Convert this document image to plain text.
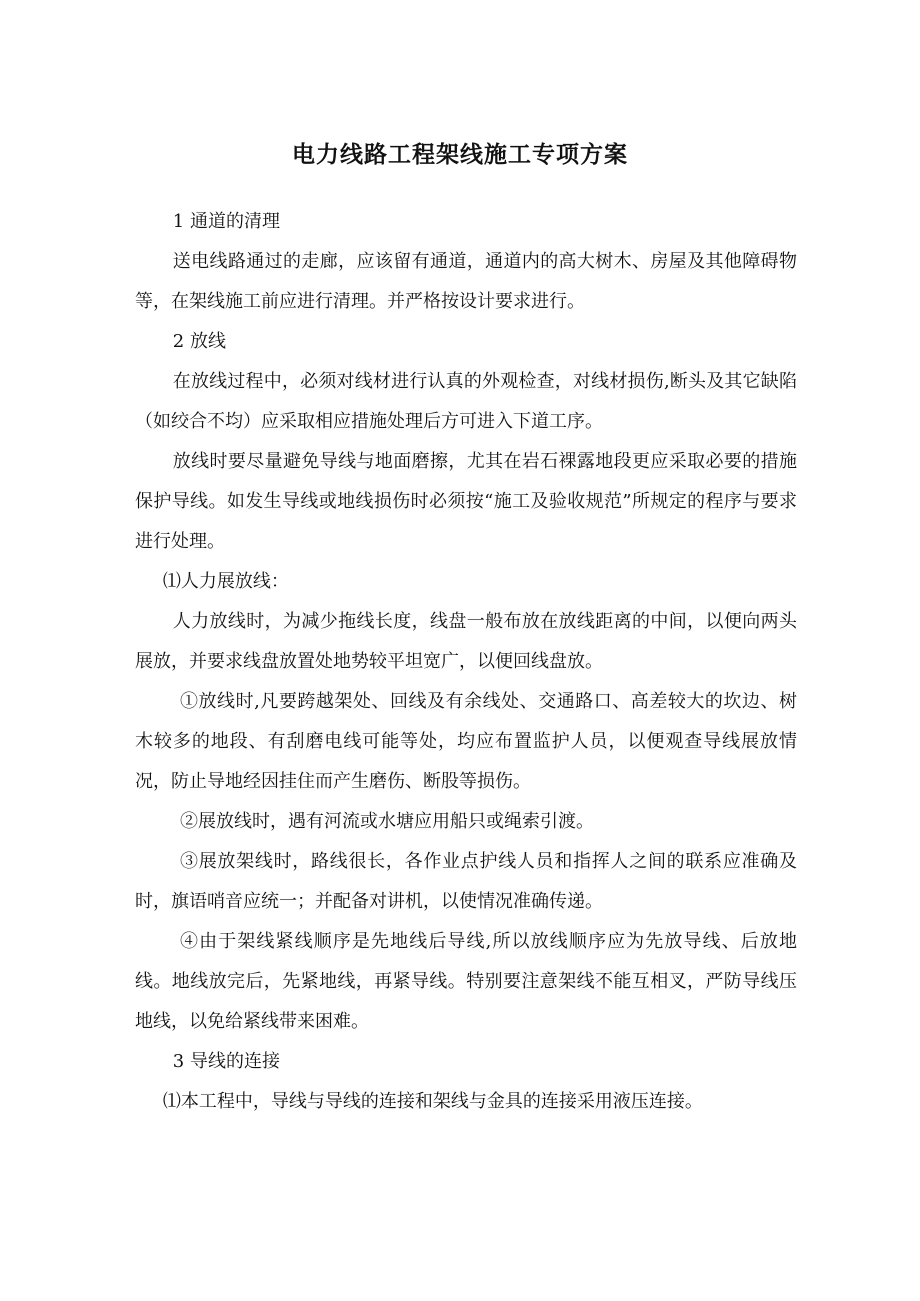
电力线路工程架线施工专项方案

1 通道的清理

送电线路通过的走廊，应该留有通道，通道内的高大树木、房屋及其他障碍物等，在架线施工前应进行清理。并严格按设计要求进行。

2 放线

在放线过程中，必须对线材进行认真的外观检查，对线材损伤,断头及其它缺陷（如绞合不均）应采取相应措施处理后方可进入下道工序。

放线时要尽量避免导线与地面磨擦，尤其在岩石裸露地段更应采取必要的措施保护导线。如发生导线或地线损伤时必须按“施工及验收规范”所规定的程序与要求进行处理。

⑴人力展放线：

人力放线时，为减少拖线长度，线盘一般布放在放线距离的中间，以便向两头展放，并要求线盘放置处地势较平坦宽广，以便回线盘放。

①放线时,凡要跨越架处、回线及有余线处、交通路口、高差较大的坎边、树木较多的地段、有刮磨电线可能等处，均应布置监护人员，以便观查导线展放情况，防止导地经因挂住而产生磨伤、断股等损伤。

②展放线时，遇有河流或水塘应用船只或绳索引渡。

③展放架线时，路线很长，各作业点护线人员和指挥人之间的联系应准确及时，旗语哨音应统一；并配备对讲机，以使情况准确传递。

④由于架线紧线顺序是先地线后导线,所以放线顺序应为先放导线、后放地线。地线放完后，先紧地线，再紧导线。特别要注意架线不能互相叉，严防导线压地线，以免给紧线带来困难。

3 导线的连接

⑴本工程中，导线与导线的连接和架线与金具的连接采用液压连接。
